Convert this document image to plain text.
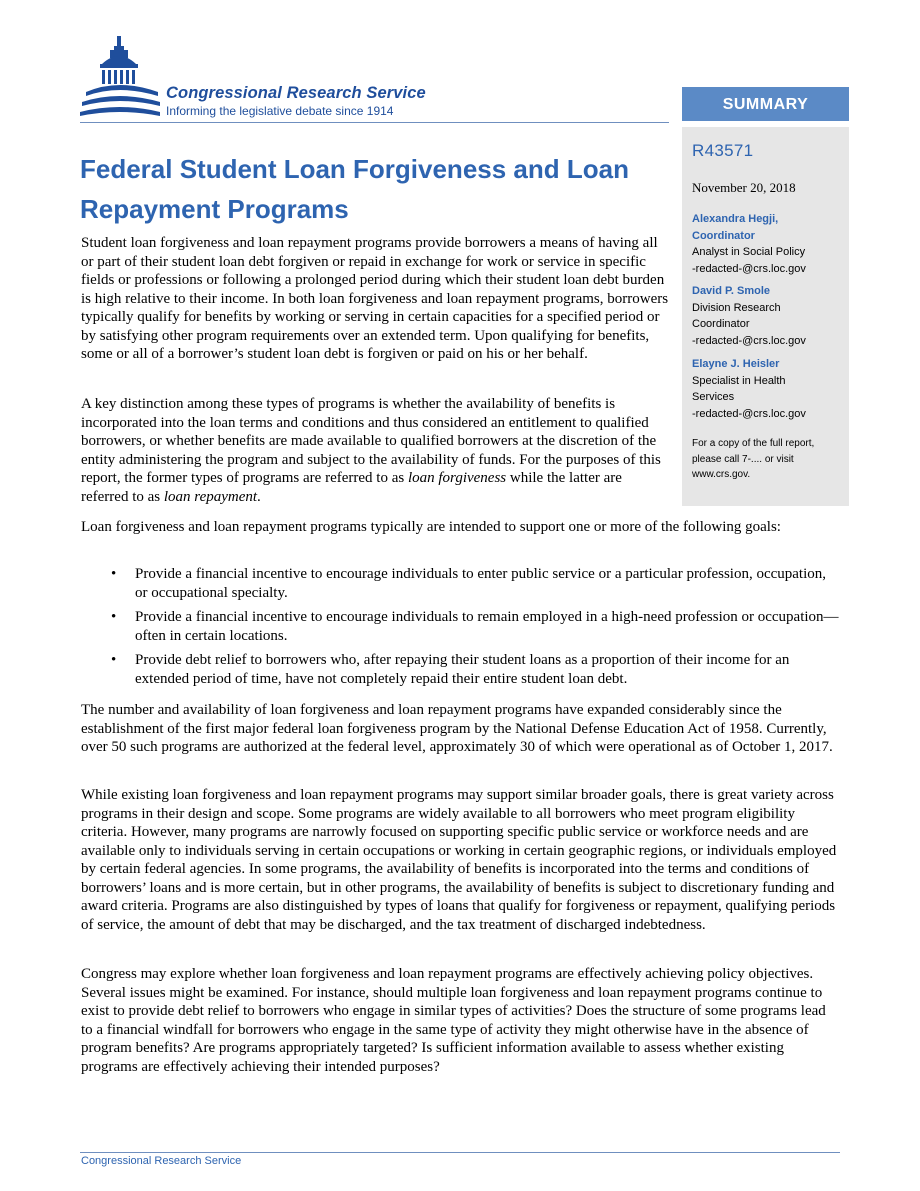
Congressional Research Service
Informing the legislative debate since 1914	SUMMARY
R43571
November 20, 2018
Alexandra Hegji,
Coordinator
Analyst in Social Policy
-redacted-@crs.loc.gov
David P. Smole
Division Research
Coordinator
-redacted-@crs.loc.gov
Elayne J. Heisler
Specialist in Health
Services
-redacted-@crs.loc.gov
For a copy of the full report,
please call 7-.... or visit
www.crs.gov.
Federal Student Loan Forgiveness and Loan Repayment Programs

Student loan forgiveness and loan repayment programs provide borrowers a means of having all or part of their student loan debt forgiven or repaid in exchange for work or service in specific fields or professions or following a prolonged period during which their student loan debt burden is high relative to their income. In both loan forgiveness and loan repayment programs, borrowers typically qualify for benefits by working or serving in certain capacities for a specified period or by satisfying other program requirements over an extended term. Upon qualifying for benefits, some or all of a borrower’s student loan debt is forgiven or paid on his or her behalf.

A key distinction among these types of programs is whether the availability of benefits is incorporated into the loan terms and conditions and thus considered an entitlement to qualified borrowers, or whether benefits are made available to qualified borrowers at the discretion of the entity administering the program and subject to the availability of funds. For the purposes of this report, the former types of programs are referred to as loan forgiveness while the latter are referred to as loan repayment.

Loan forgiveness and loan repayment programs typically are intended to support one or more of the following goals:

• Provide a financial incentive to encourage individuals to enter public service or a particular profession, occupation, or occupational specialty.
• Provide a financial incentive to encourage individuals to remain employed in a high-need profession or occupation—often in certain locations.
• Provide debt relief to borrowers who, after repaying their student loans as a proportion of their income for an extended period of time, have not completely repaid their entire student loan debt.

The number and availability of loan forgiveness and loan repayment programs have expanded considerably since the establishment of the first major federal loan forgiveness program by the National Defense Education Act of 1958. Currently, over 50 such programs are authorized at the federal level, approximately 30 of which were operational as of October 1, 2017.

While existing loan forgiveness and loan repayment programs may support similar broader goals, there is great variety across programs in their design and scope. Some programs are widely available to all borrowers who meet program eligibility criteria. However, many programs are narrowly focused on supporting specific public service or workforce needs and are available only to individuals serving in certain occupations or working in certain geographic regions, or individuals employed by certain federal agencies. In some programs, the availability of benefits is incorporated into the terms and conditions of borrowers’ loans and is more certain, but in other programs, the availability of benefits is subject to discretionary funding and award criteria. Programs are also distinguished by types of loans that qualify for forgiveness or repayment, qualifying periods of service, the amount of debt that may be discharged, and the tax treatment of discharged indebtedness.

Congress may explore whether loan forgiveness and loan repayment programs are effectively achieving policy objectives. Several issues might be examined. For instance, should multiple loan forgiveness and loan repayment programs continue to exist to provide debt relief to borrowers who engage in similar types of activities? Does the structure of some programs lead to a financial windfall for borrowers who engage in the same type of activity they might otherwise have in the absence of program benefits? Are programs appropriately targeted? Is sufficient information available to assess whether existing programs are effectively achieving their intended purposes?

Congressional Research Service
